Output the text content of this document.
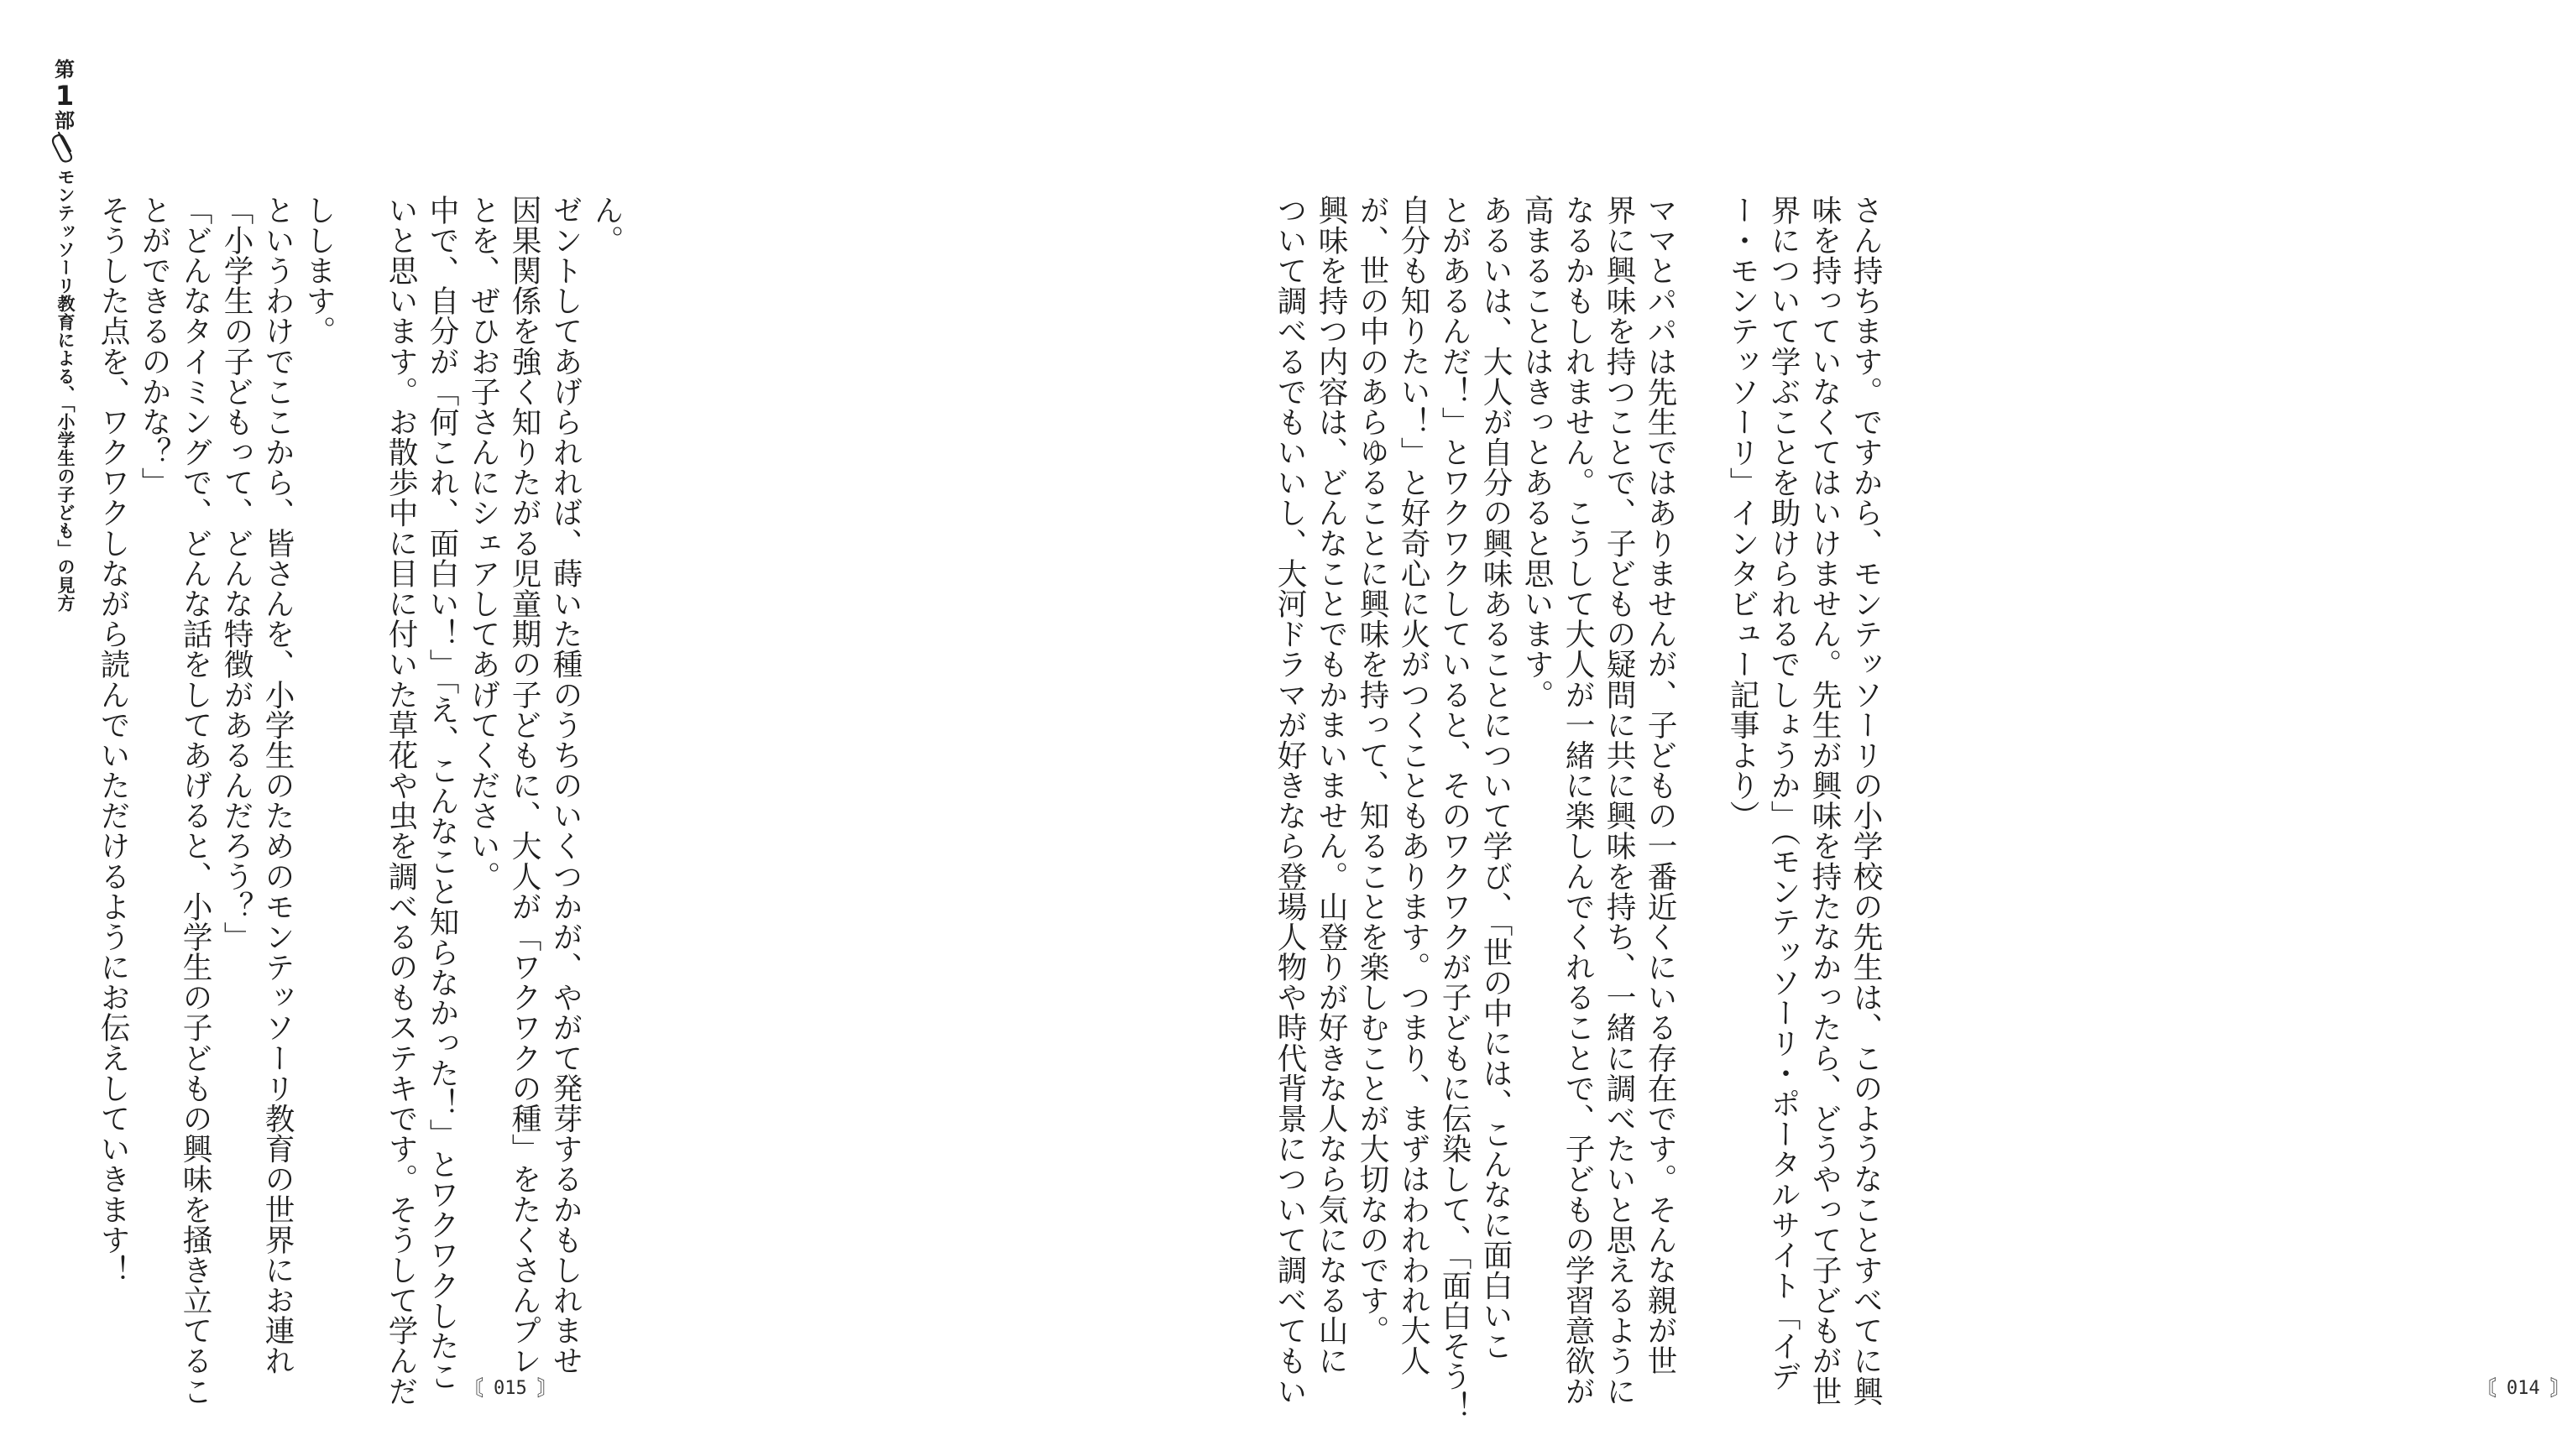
第
1
部
モンテッソーリ教育による、「小学生の子ども」の見方	ん。
ゼントしてあげられれば、蒔いた種のうちのいくつかが、やがて発芽するかもしれませ
因果関係を強く知りたがる児童期の子どもに、大人が「ワクワクの種」をたくさんプレ
とを、ぜひお子さんにシェアしてあげてください。
中で、自分が「何これ、面白い！」「え、こんなこと知らなかった！」とワクワクしたこ
いと思います。お散歩中に目に付いた草花や虫を調べるのもステキです。そうして学んだ
しします。
というわけでここから、皆さんを、小学生のためのモンテッソーリ教育の世界にお連れ
「小学生の子どもって、どんな特徴があるんだろう？」
「どんなタイミングで、どんな話をしてあげると、小学生の子どもの興味を掻き立てるこ
とができるのかな？」
そうした点を、ワクワクしながら読んでいただけるようにお伝えしていきます！
〘 015 〙	さん持ちます。ですから、モンテッソーリの小学校の先生は、このようなことすべてに興
味を持っていなくてはいけません。先生が興味を持たなかったら、どうやって子どもが世
界について学ぶことを助けられるでしょうか」（モンテッソーリ・ポータルサイト「イデ
ー・モンテッソーリ」インタビュー記事より）
ママとパパは先生ではありませんが、子どもの一番近くにいる存在です。そんな親が世
界に興味を持つことで、子どもの疑問に共に興味を持ち、一緒に調べたいと思えるように
なるかもしれません。こうして大人が一緒に楽しんでくれることで、子どもの学習意欲が
高まることはきっとあると思います。
あるいは、大人が自分の興味あることについて学び、「世の中には、こんなに面白いこ
とがあるんだ！」とワクワクしていると、そのワクワクが子どもに伝染して、「面白そう！
自分も知りたい！」と好奇心に火がつくこともあります。つまり、まずはわれわれ大人
が、世の中のあらゆることに興味を持って、知ることを楽しむことが大切なのです。
興味を持つ内容は、どんなことでもかまいません。山登りが好きな人なら気になる山に
ついて調べるでもいいし、大河ドラマが好きなら登場人物や時代背景について調べてもい	〘 014 〙
